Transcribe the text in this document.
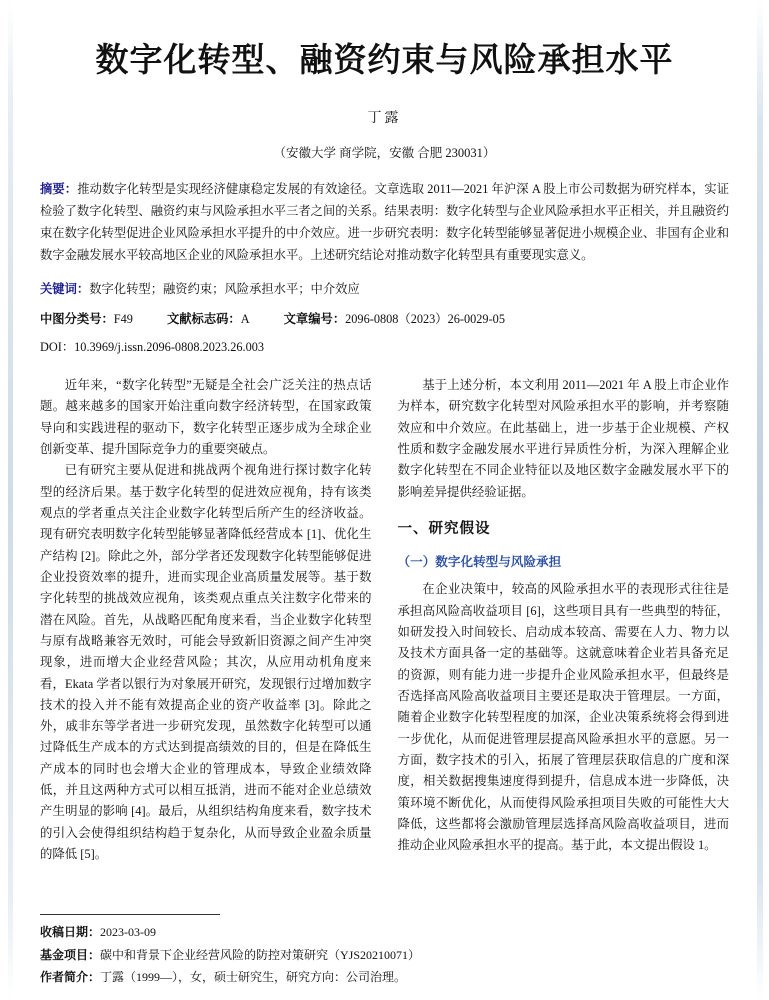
数字化转型、融资约束与风险承担水平
丁露
（安徽大学 商学院，安徽 合肥 230031）
摘要：推动数字化转型是实现经济健康稳定发展的有效途径。文章选取 2011—2021 年沪深 A 股上市公司数据为研究样本，实证检验了数字化转型、融资约束与风险承担水平三者之间的关系。结果表明：数字化转型与企业风险承担水平正相关，并且融资约束在数字化转型促进企业风险承担水平提升的中介效应。进一步研究表明：数字化转型能够显著促进小规模企业、非国有企业和数字金融发展水平较高地区企业的风险承担水平。上述研究结论对推动数字化转型具有重要现实意义。
关键词：数字化转型；融资约束；风险承担水平；中介效应
中图分类号：F49	文献标志码：A	文章编号：2096-0808（2023）26-0029-05
DOI：10.3969/j.issn.2096-0808.2023.26.003

近年来，“数字化转型”无疑是全社会广泛关注的热点话题。越来越多的国家开始注重向数字经济转型，在国家政策导向和实践进程的驱动下，数字化转型正逐步成为全球企业创新变革、提升国际竞争力的重要突破点。

已有研究主要从促进和挑战两个视角进行探讨数字化转型的经济后果。基于数字化转型的促进效应视角，持有该类观点的学者重点关注企业数字化转型后所产生的经济收益。现有研究表明数字化转型能够显著降低经营成本 [1]、优化生产结构 [2]。除此之外，部分学者还发现数字化转型能够促进企业投资效率的提升，进而实现企业高质量发展等。基于数字化转型的挑战效应视角，该类观点重点关注数字化带来的潜在风险。首先，从战略匹配角度来看，当企业数字化转型与原有战略兼容无效时，可能会导致新旧资源之间产生冲突现象，进而增大企业经营风险；其次，从应用动机角度来看，Ekata 学者以银行为对象展开研究，发现银行过增加数字技术的投入并不能有效提高企业的资产收益率 [3]。除此之外，戚非东等学者进一步研究发现，虽然数字化转型可以通过降低生产成本的方式达到提高绩效的目的，但是在降低生产成本的同时也会增大企业的管理成本，导致企业绩效降低，并且这两种方式可以相互抵消，进而不能对企业总绩效产生明显的影响 [4]。最后，从组织结构角度来看，数字技术的引入会使得组织结构趋于复杂化，从而导致企业盈余质量的降低 [5]。

基于上述分析，本文利用 2011—2021 年 A 股上市企业作为样本，研究数字化转型对风险承担水平的影响，并考察随效应和中介效应。在此基础上，进一步基于企业规模、产权性质和数字金融发展水平进行异质性分析，为深入理解企业数字化转型在不同企业特征以及地区数字金融发展水平下的影响差异提供经验证据。

一、研究假设
（一）数字化转型与风险承担

在企业决策中，较高的风险承担水平的表现形式往往是承担高风险高收益项目 [6]，这些项目具有一些典型的特征，如研发投入时间较长、启动成本较高、需要在人力、物力以及技术方面具备一定的基础等。这就意味着企业若具备充足的资源，则有能力进一步提升企业风险承担水平，但最终是否选择高风险高收益项目主要还是取决于管理层。一方面，随着企业数字化转型程度的加深，企业决策系统将会得到进一步优化，从而促进管理层提高风险承担水平的意愿。另一方面，数字技术的引入，拓展了管理层获取信息的广度和深度，相关数据搜集速度得到提升，信息成本进一步降低，决策环境不断优化，从而使得风险承担项目失败的可能性大大降低，这些都将会激励管理层选择高风险高收益项目，进而推动企业风险承担水平的提高。基于此，本文提出假设 1。

收稿日期：2023-03-09

基金项目：碳中和背景下企业经营风险的防控对策研究（YJS20210071）

作者简介：丁露（1999—），女，硕士研究生，研究方向：公司治理。
